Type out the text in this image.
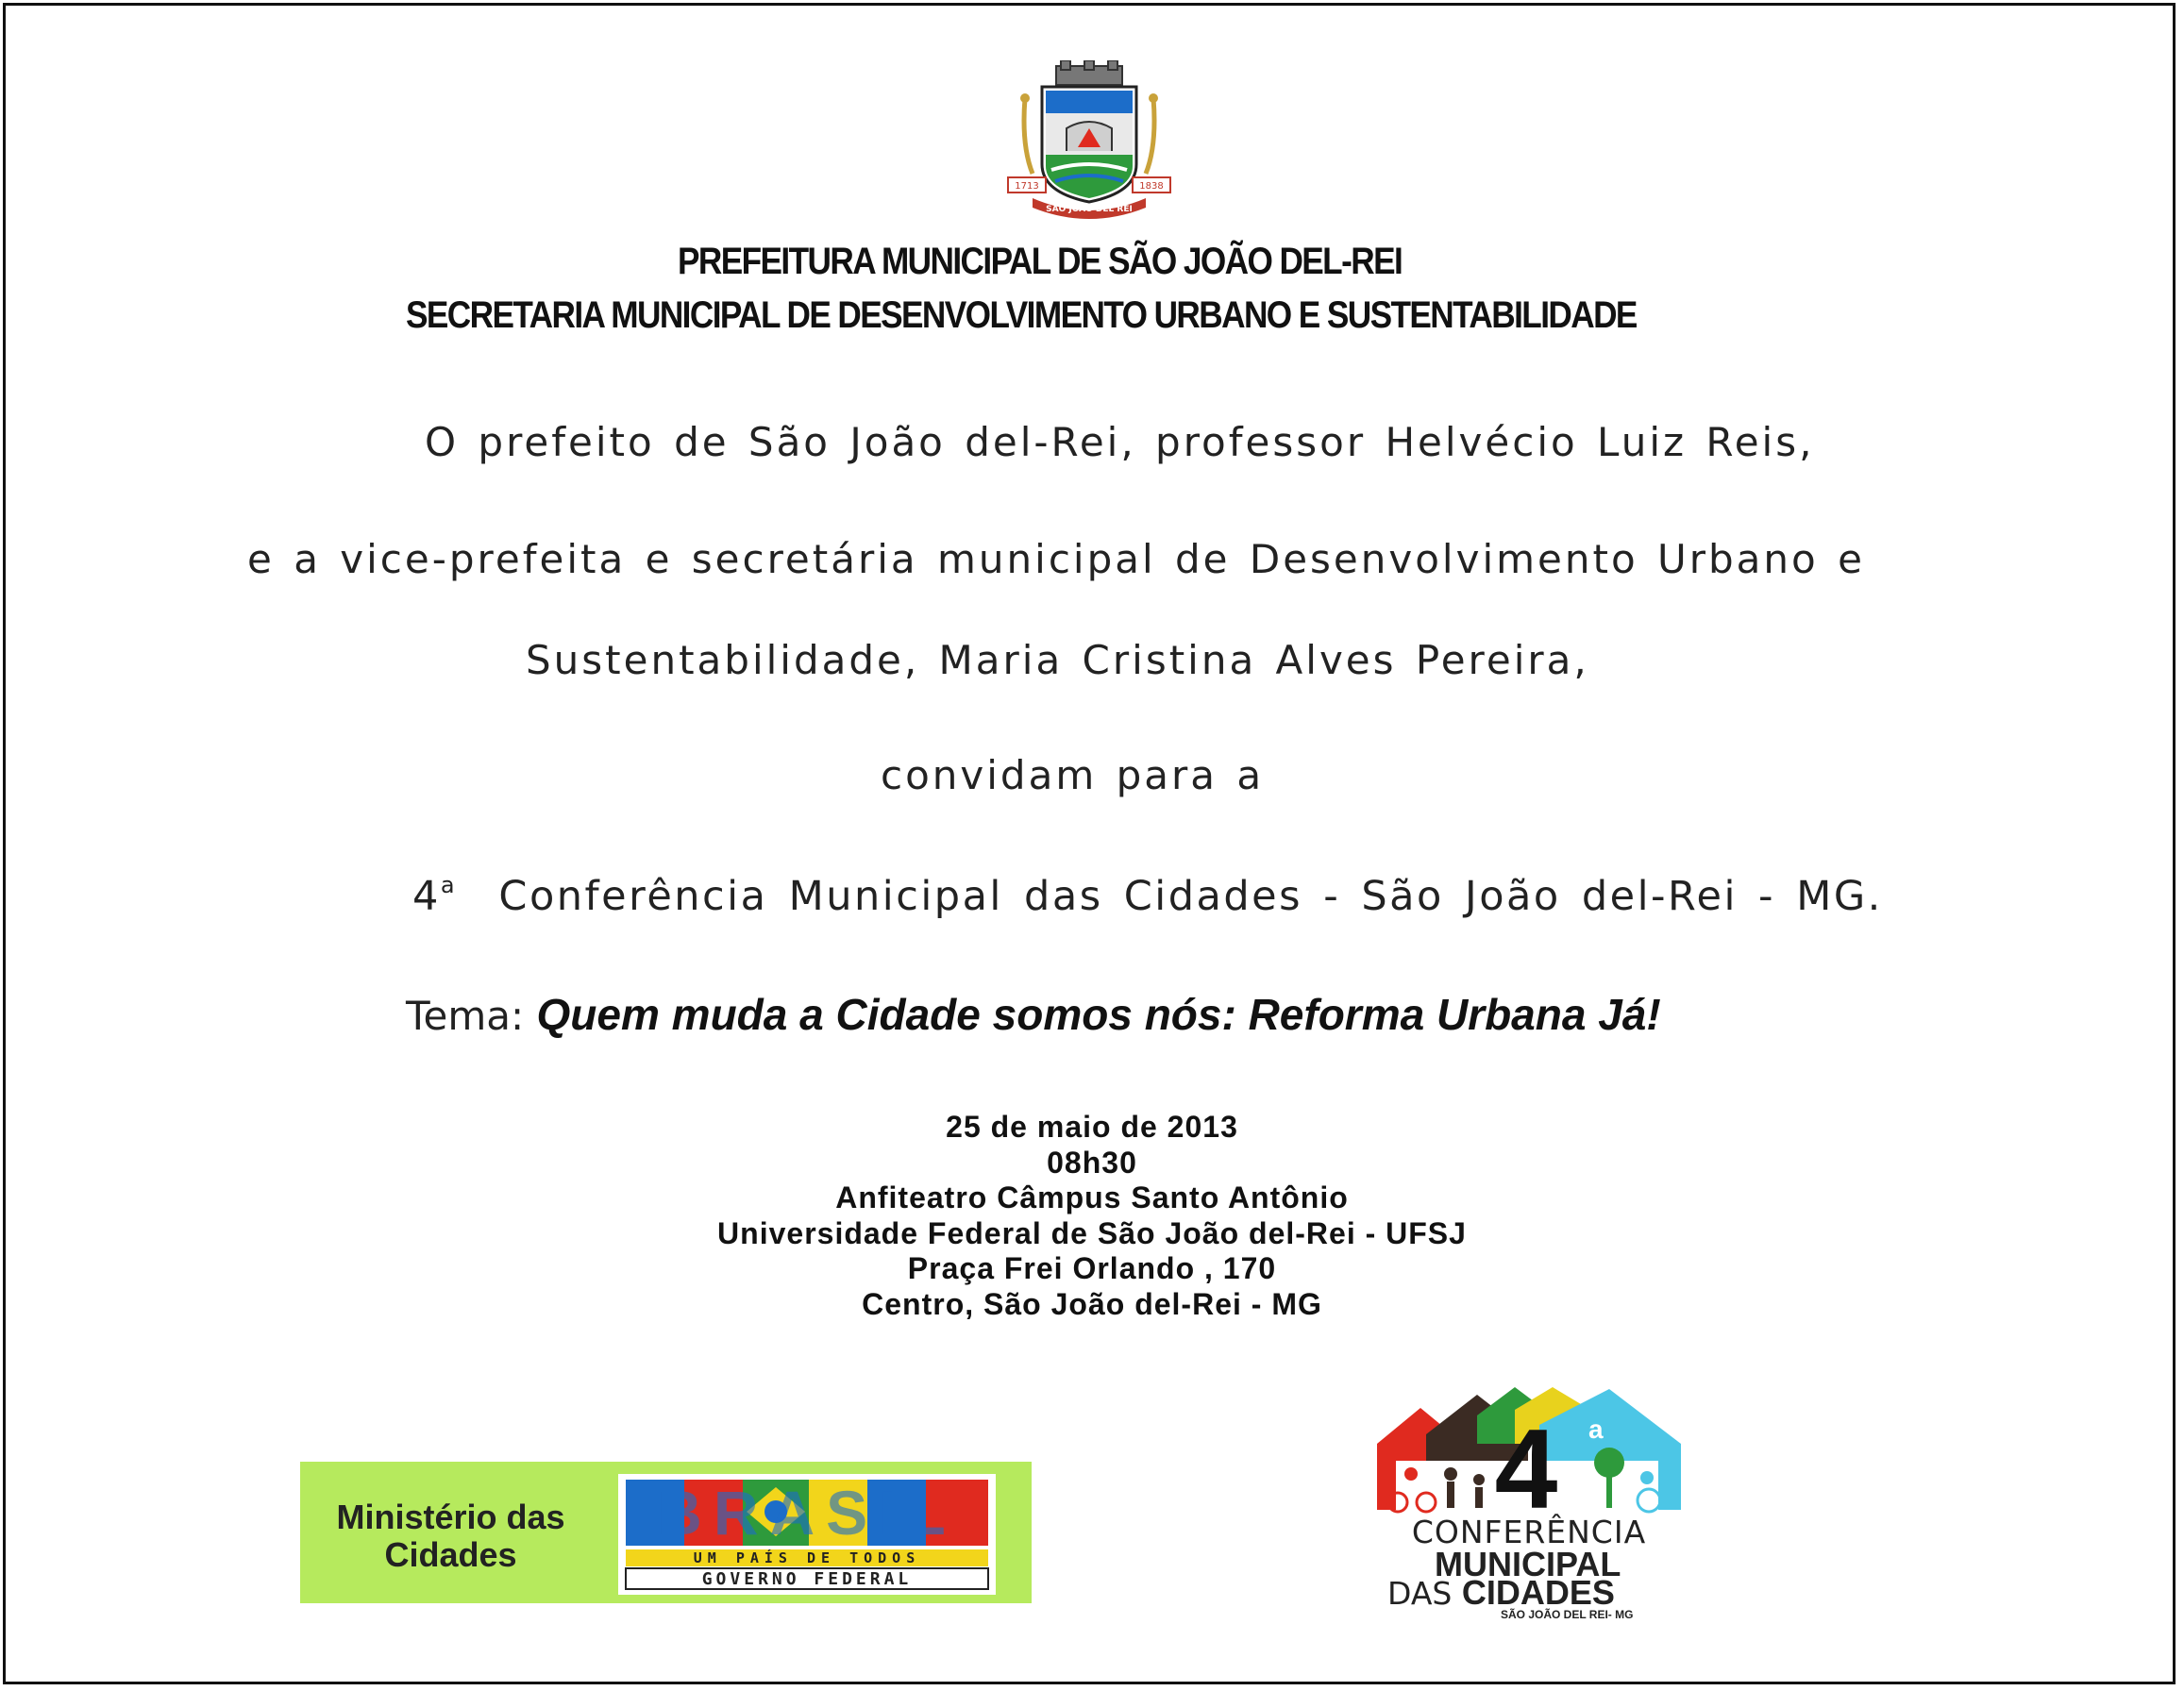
1713	1838
SÃO JOÃO DEL REI
PREFEITURA MUNICIPAL DE SÃO JOÃO DEL-REI
SECRETARIA MUNICIPAL DE DESENVOLVIMENTO URBANO E SUSTENTABILIDADE
O prefeito de São João del-Rei, professor Helvécio Luiz Reis,
e a vice-prefeita e secretária municipal de Desenvolvimento Urbano e
Sustentabilidade, Maria Cristina Alves Pereira,
convidam para a
4$^a$ Conferência Municipal das Cidades - São João del-Rei - MG.
Tema: Quem muda a Cidade somos nós: Reforma Urbana Já!
25 de maio de 2013
08h30
Anfiteatro Câmpus Santo Antônio
Universidade Federal de São João del-Rei - UFSJ
Praça Frei Orlando , 170
Centro, São João del-Rei - MG
Ministério das Cidades
BRASIL
UM PAÍS DE TODOS
GOVERNO FEDERAL
4 a
CONFERÊNCIA
MUNICIPAL
DAS CIDADES
SÃO JOÃO DEL REI- MG
